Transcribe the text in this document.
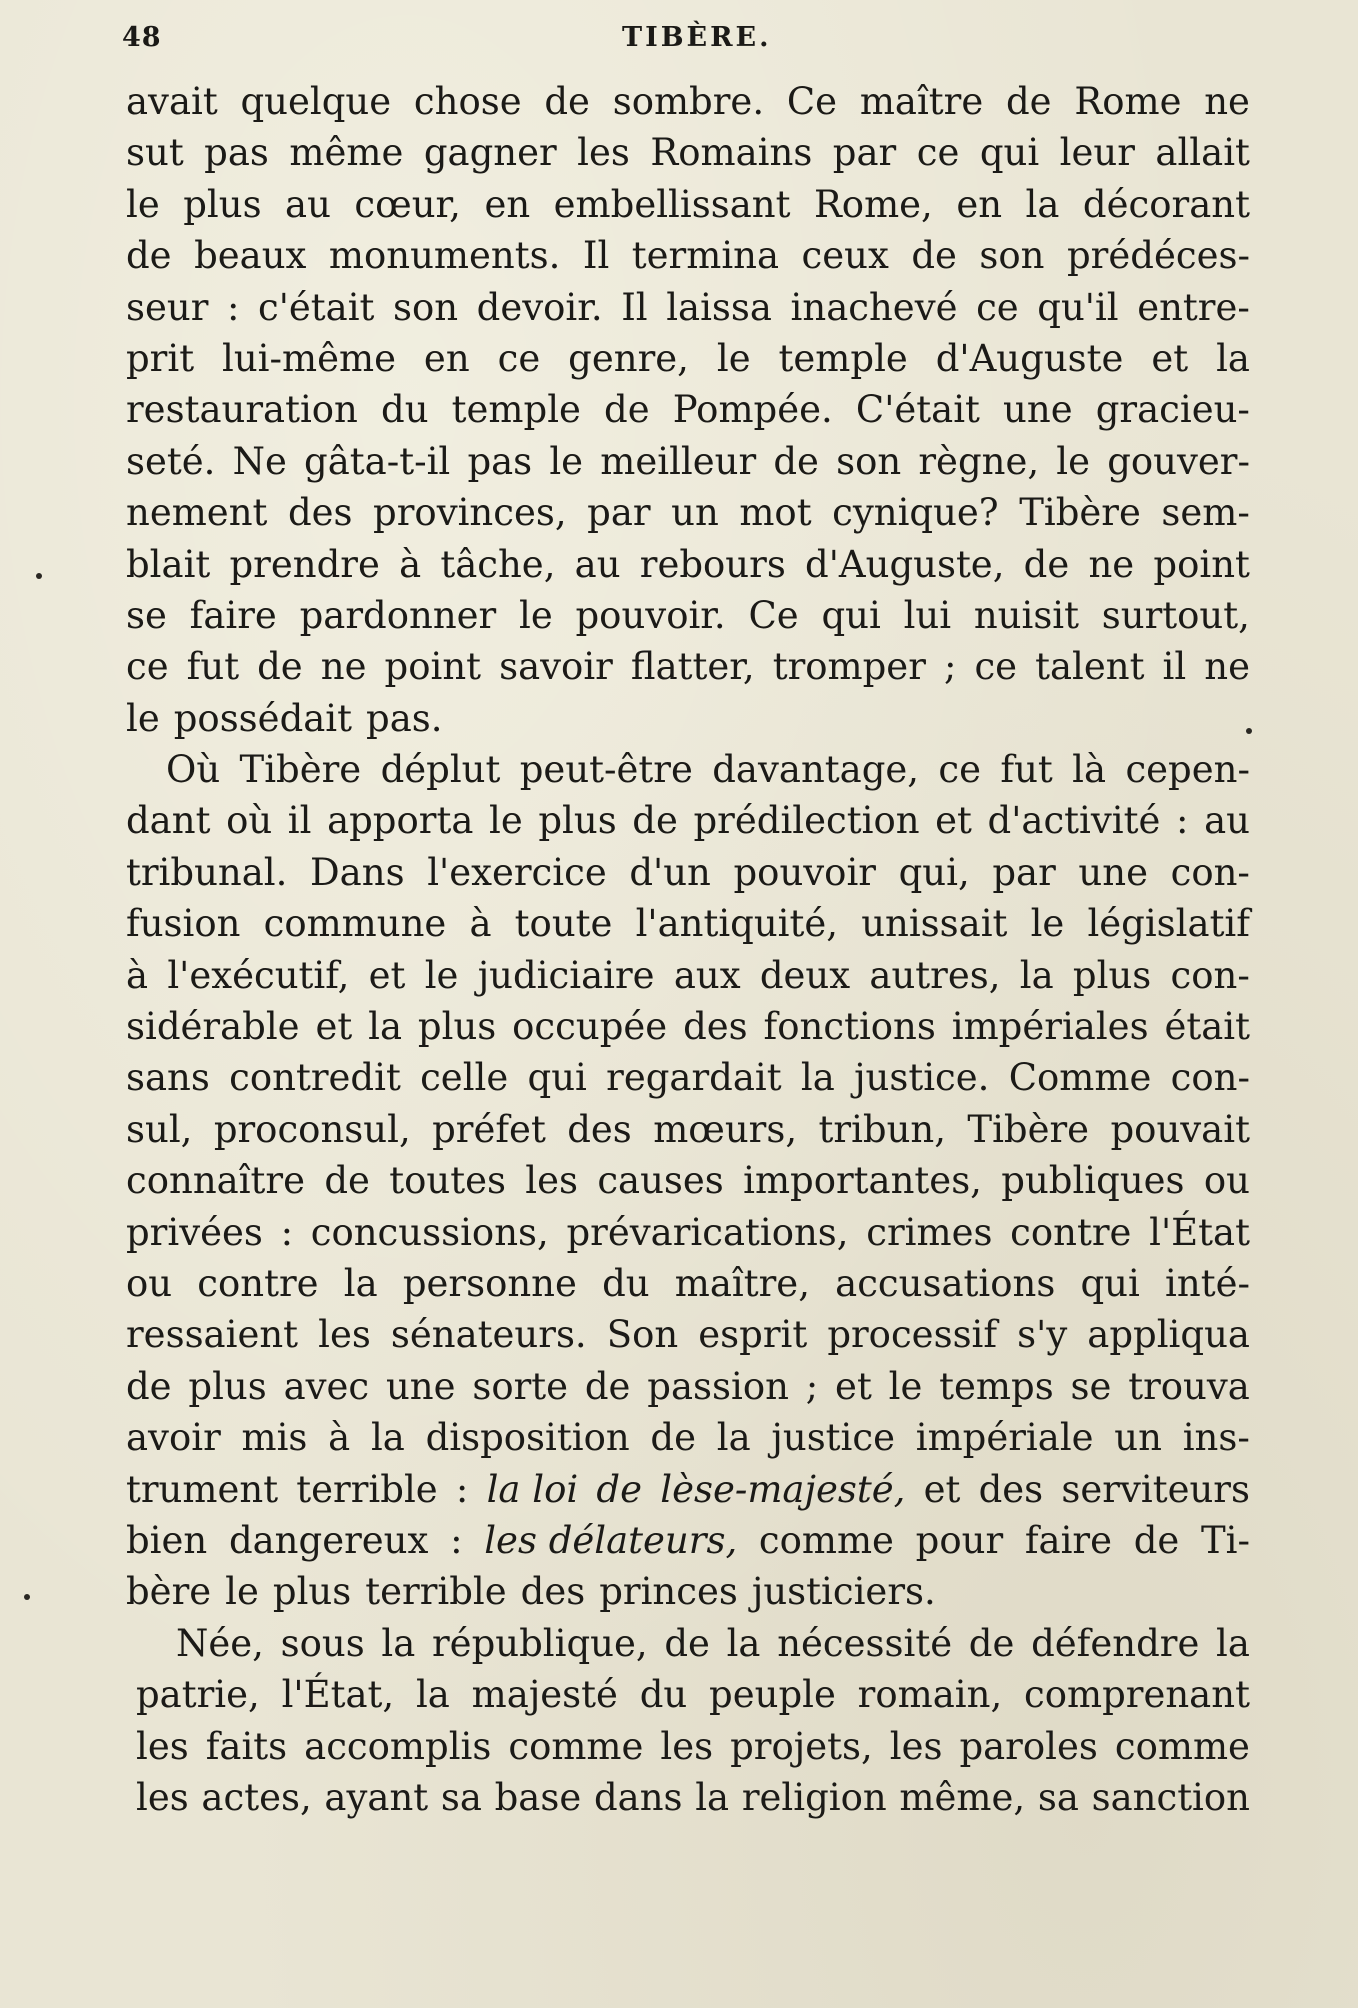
48	TIBÈRE.
avait quelque chose de sombre. Ce maître de Rome ne
sut pas même gagner les Romains par ce qui leur allait
le plus au cœur, en embellissant Rome, en la décorant
de beaux monuments. Il termina ceux de son prédéces-
seur : c'était son devoir. Il laissa inachevé ce qu'il entre-
prit lui-même en ce genre, le temple d'Auguste et la
restauration du temple de Pompée. C'était une gracieu-
seté. Ne gâta-t-il pas le meilleur de son règne, le gouver-
nement des provinces, par un mot cynique? Tibère sem-
blait prendre à tâche, au rebours d'Auguste, de ne point
se faire pardonner le pouvoir. Ce qui lui nuisit surtout,
ce fut de ne point savoir flatter, tromper ; ce talent il ne
le possédait pas.
Où Tibère déplut peut-être davantage, ce fut là cepen-
dant où il apporta le plus de prédilection et d'activité : au
tribunal. Dans l'exercice d'un pouvoir qui, par une con-
fusion commune à toute l'antiquité, unissait le législatif
à l'exécutif, et le judiciaire aux deux autres, la plus con-
sidérable et la plus occupée des fonctions impériales était
sans contredit celle qui regardait la justice. Comme con-
sul, proconsul, préfet des mœurs, tribun, Tibère pouvait
connaître de toutes les causes importantes, publiques ou
privées : concussions, prévarications, crimes contre l'État
ou contre la personne du maître, accusations qui inté-
ressaient les sénateurs. Son esprit processif s'y appliqua
de plus avec une sorte de passion ; et le temps se trouva
avoir mis à la disposition de la justice impériale un ins-
trument terrible : la loi de lèse-majesté, et des serviteurs
bien dangereux : les délateurs, comme pour faire de Ti-
bère le plus terrible des princes justiciers.
Née, sous la république, de la nécessité de défendre la
patrie, l'État, la majesté du peuple romain, comprenant
les faits accomplis comme les projets, les paroles comme
les actes, ayant sa base dans la religion même, sa sanction
